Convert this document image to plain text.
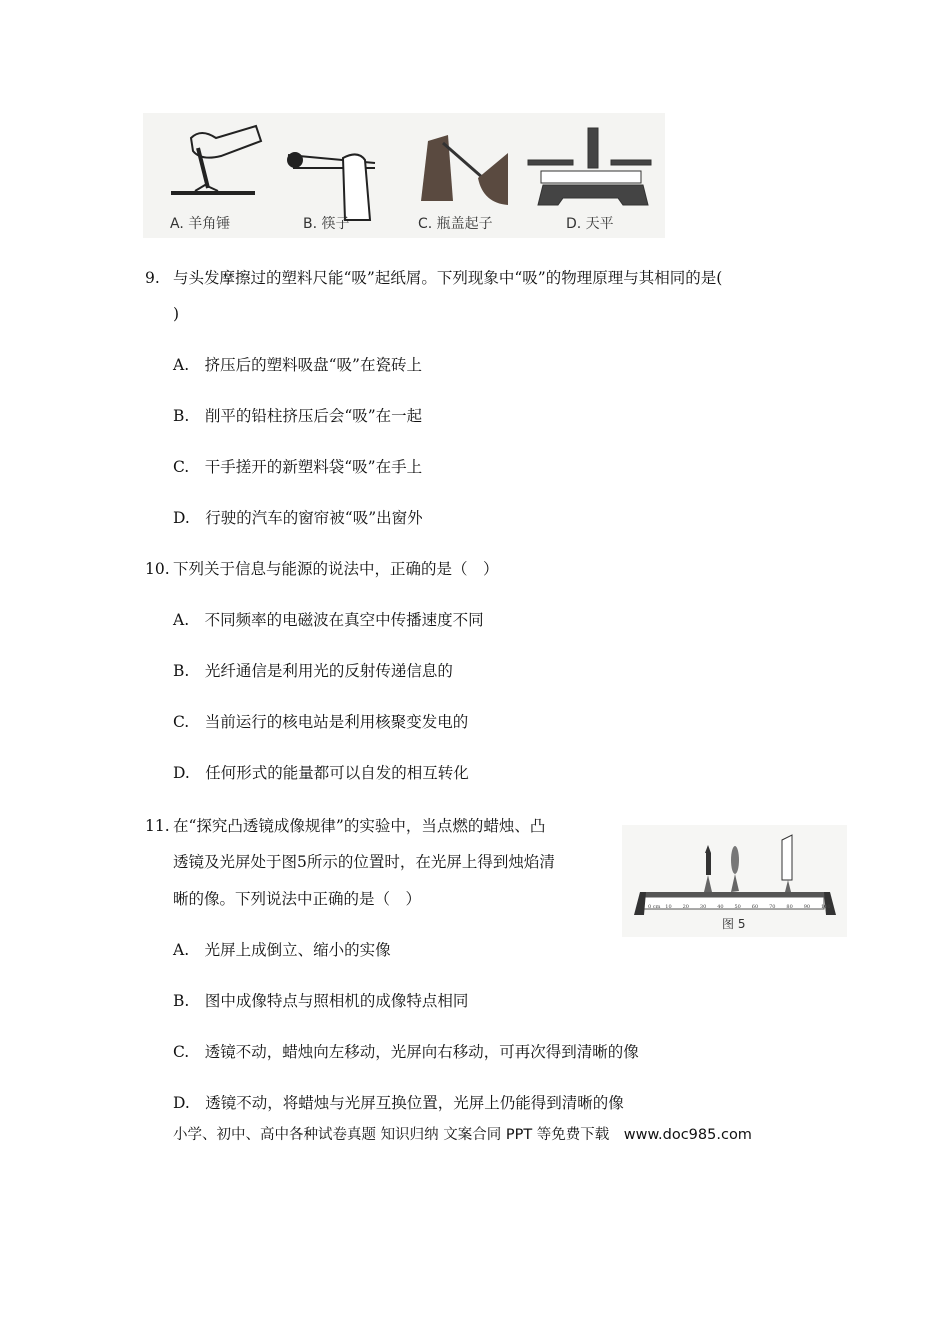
A. 羊角锤	B. 筷子	C. 瓶盖起子	D. 天平
9. 与头发摩擦过的塑料尺能“吸”起纸屑。下列现象中“吸”的物理原理与其相同的是(
)
A.　挤压后的塑料吸盘“吸”在瓷砖上
B.　削平的铅柱挤压后会“吸”在一起
C.　干手搓开的新塑料袋“吸”在手上
D.　行驶的汽车的窗帘被“吸”出窗外
10. 下列关于信息与能源的说法中，正确的是（　）
A.　不同频率的电磁波在真空中传播速度不同
B.　光纤通信是利用光的反射传递信息的
C.　当前运行的核电站是利用核聚变发电的
D.　任何形式的能量都可以自发的相互转化
11. 在“探究凸透镜成像规律”的实验中，当点燃的蜡烛、凸
透镜及光屏处于图5所示的位置时，在光屏上得到烛焰清
晰的像。下列说法中正确的是（　）
A.　光屏上成倒立、缩小的实像
B.　图中成像特点与照相机的成像特点相同
C.　透镜不动，蜡烛向左移动，光屏向右移动，可再次得到清晰的像
D.　透镜不动，将蜡烛与光屏互换位置，光屏上仍能得到清晰的像
0 cm 10 20 30 40 50 60 70 80 90 100
图 5
小学、初中、高中各种试卷真题 知识归纳 文案合同 PPT 等免费下载　www.doc985.com
